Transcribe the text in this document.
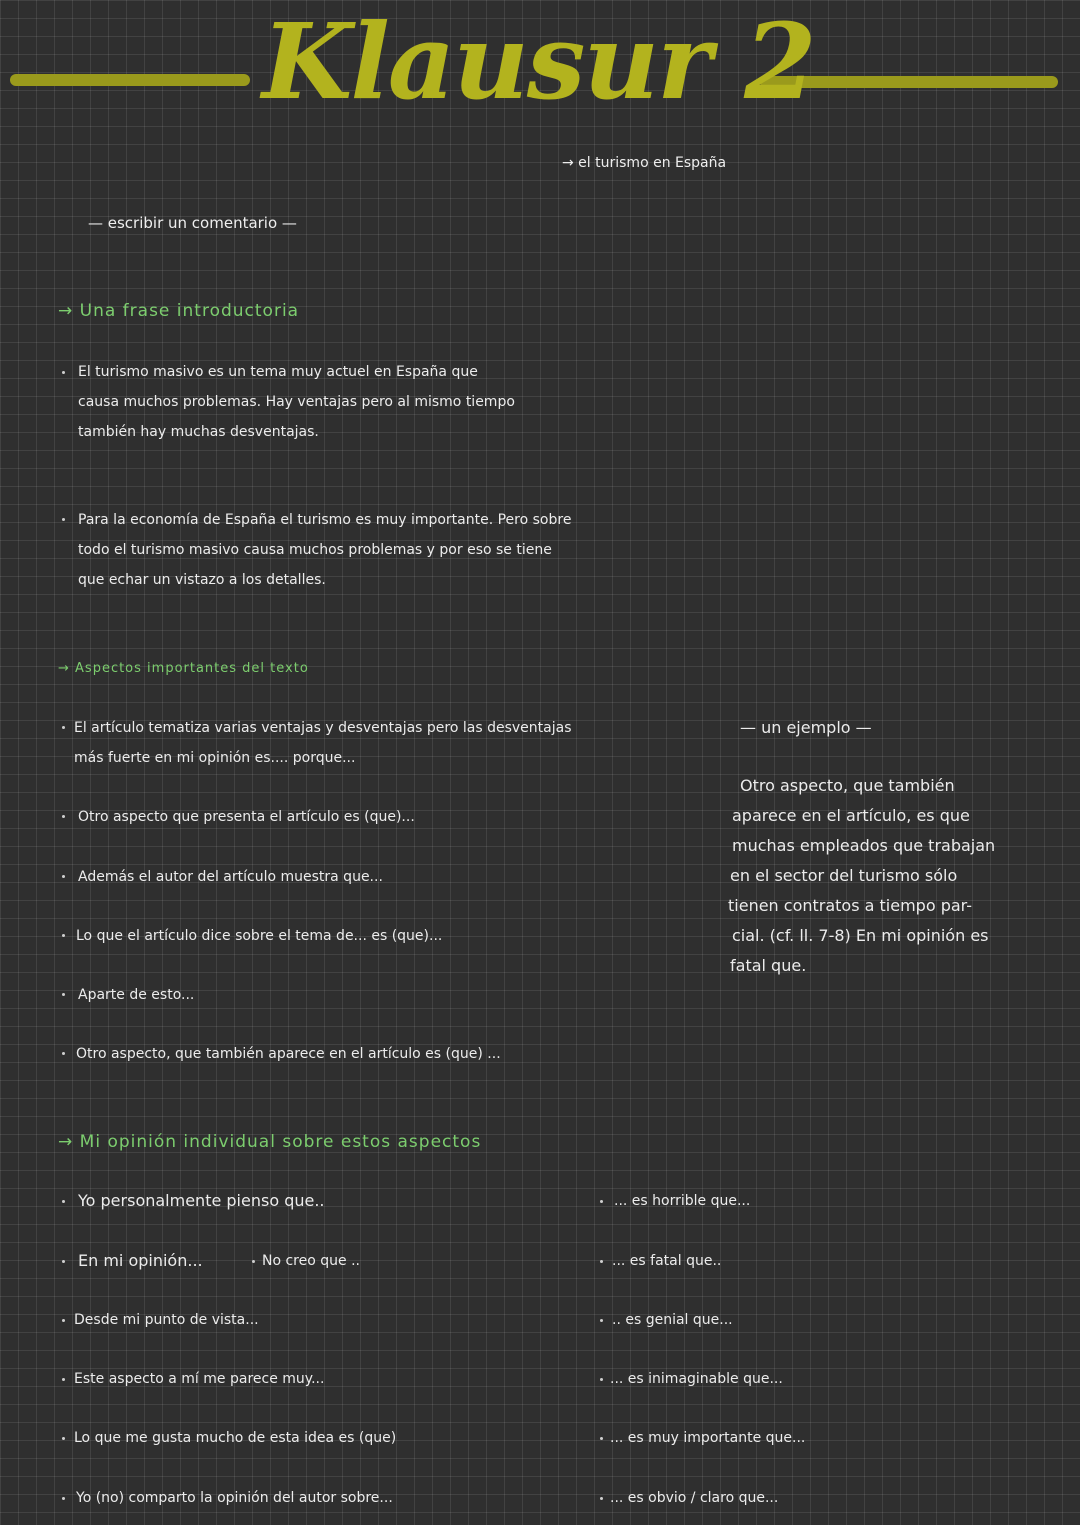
Klausur 2
→ el turismo en España
— escribir un comentario —
→ Una frase introductoria
El turismo masivo es un tema muy actuel en España que
causa muchos problemas. Hay ventajas pero al mismo tiempo
también hay muchas desventajas.
Para la economía de España el turismo es muy importante. Pero sobre
todo el turismo masivo causa muchos problemas y por eso se tiene
que echar un vistazo a los detalles.
→ Aspectos importantes del texto
El artículo tematiza varias ventajas y desventajas pero las desventajas
más fuerte en mi opinión es.... porque...
Otro aspecto que presenta el artículo es (que)...
Además el autor del artículo muestra que...
Lo que el artículo dice sobre el tema de... es (que)...
Aparte de esto...
Otro aspecto, que también aparece en el artículo es (que) ...
— un ejemplo —
Otro aspecto, que también
aparece en el artículo, es que
muchas empleados que trabajan
en el sector del turismo sólo
tienen contratos a tiempo par-
cial. (cf. ll. 7-8) En mi opinión es
fatal que.
→ Mi opinión individual sobre estos aspectos
Yo personalmente pienso que..
En mi opinión...	No creo que ..
Desde mi punto de vista...
Este aspecto a mí me parece muy...
Lo que me gusta mucho de esta idea es (que)
Yo (no) comparto la opinión del autor sobre...
... es horrible que...
... es fatal que..
.. es genial que...
... es inimaginable que...
... es muy importante que...
... es obvio / claro que...
